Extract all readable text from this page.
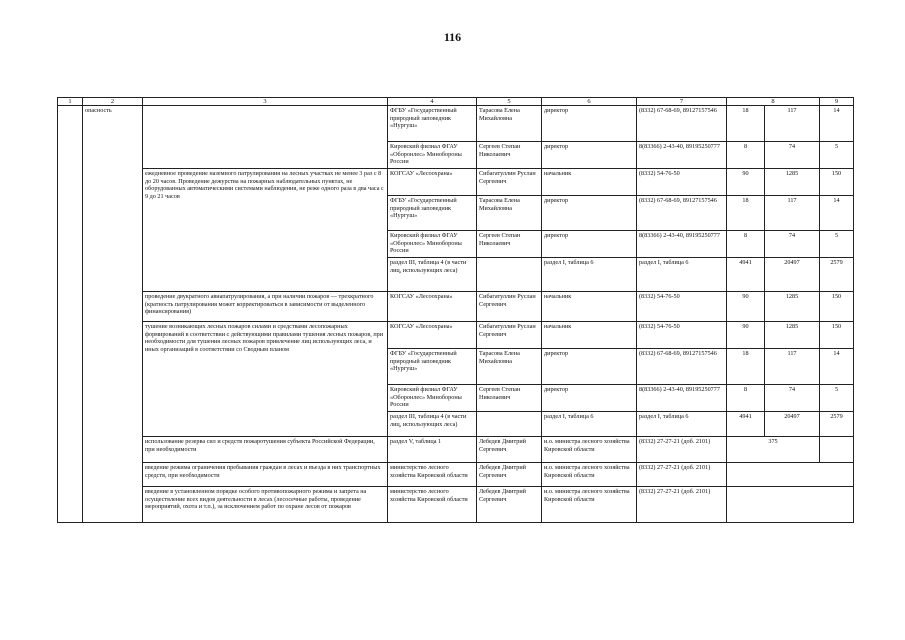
116
1	2	3	4	5	6	7	8		9
	опасность		ФГБУ «Государственный природный заповедник «Нургуш»	Тарасова Елена Михайловна	директор	(8332) 67-68-69, 89127157546	18	117	14
			Кировский филиал ФГАУ «Оборонлес» Минобороны России	Сергеев Степан Николаевич	директор	8(83366) 2-43-40, 89195250777	8	74	5
		ежедневное проведение наземного патрулирования на лесных участках не менее 3 раз с 8 до 20 часов. Проведение дежурства на пожарных наблюдательных пунктах, не оборудованных автоматическими системами наблюдения, не реже одного раза в два часа с 9 до 21 часов	КОГСАУ «Лесоохрана»	Сибагатуллин Руслан Сергеевич	начальник	(8332) 54-76-50	90	1285	150
			ФГБУ «Государственный природный заповедник «Нургуш»	Тарасова Елена Михайловна	директор	(8332) 67-68-69, 89127157546	18	117	14
			Кировский филиал ФГАУ «Оборонлес» Минобороны России	Сергеев Степан Николаевич	директор	8(83366) 2-43-40, 89195250777	8	74	5
			раздел III, таблица 4 (в части лиц, использующих леса)		раздел I, таблица 6	раздел I, таблица 6	4941	20497	2579
		проведение двукратного авиапатрулирования, а при наличии пожаров — трехкратного (кратность патрулирования может корректироваться в зависимости от выделенного финансирования)	КОГСАУ «Лесоохрана»	Сибагатуллин Руслан Сергеевич	начальник	(8332) 54-76-50	90	1285	150
		тушение возникающих лесных пожаров силами и средствами лесопожарных формирований в соответствии с действующими правилами тушения лесных пожаров, при необходимости для тушения лесных пожаров привлечение лиц использующих леса, и иных организаций в соответствии со Сводным планом	КОГСАУ «Лесоохрана»	Сибагатуллин Руслан Сергеевич	начальник	(8332) 54-76-50	90	1285	150
			ФГБУ «Государственный природный заповедник «Нургуш»	Тарасова Елена Михайловна	директор	(8332) 67-68-69, 89127157546	18	117	14
			Кировский филиал ФГАУ «Оборонлес» Минобороны России	Сергеев Степан Николаевич	директор	8(83366) 2-43-40, 89195250777	8	74	5
			раздел III, таблица 4 (в части лиц, использующих леса)		раздел I, таблица 6	раздел I, таблица 6	4941	20497	2579
		использование резерва сил и средств пожаротушения субъекта Российской Федерации, при необходимости	раздел V, таблица 1	Лебедев Дмитрий Сергеевич	и.о. министра лесного хозяйства Кировской области	(8332) 27-27-21 (доб. 2101)	375		
		введение режима ограничения пребывания граждан в лесах и въезда в них транспортных средств, при необходимости	министерство лесного хозяйства Кировской области	Лебедев Дмитрий Сергеевич	и.о. министра лесного хозяйства Кировской области	(8332) 27-27-21 (доб. 2101)			
		введение в установленном порядке особого противопожарного режима и запрета на осуществление всех видов деятельности в лесах (лесосечные работы, проведение мероприятий, охота и т.п.), за исключением работ по охране лесов от пожаров	министерство лесного хозяйства Кировской области	Лебедев Дмитрий Сергеевич	и.о. министра лесного хозяйства Кировской области	(8332) 27-27-21 (доб. 2101)			
